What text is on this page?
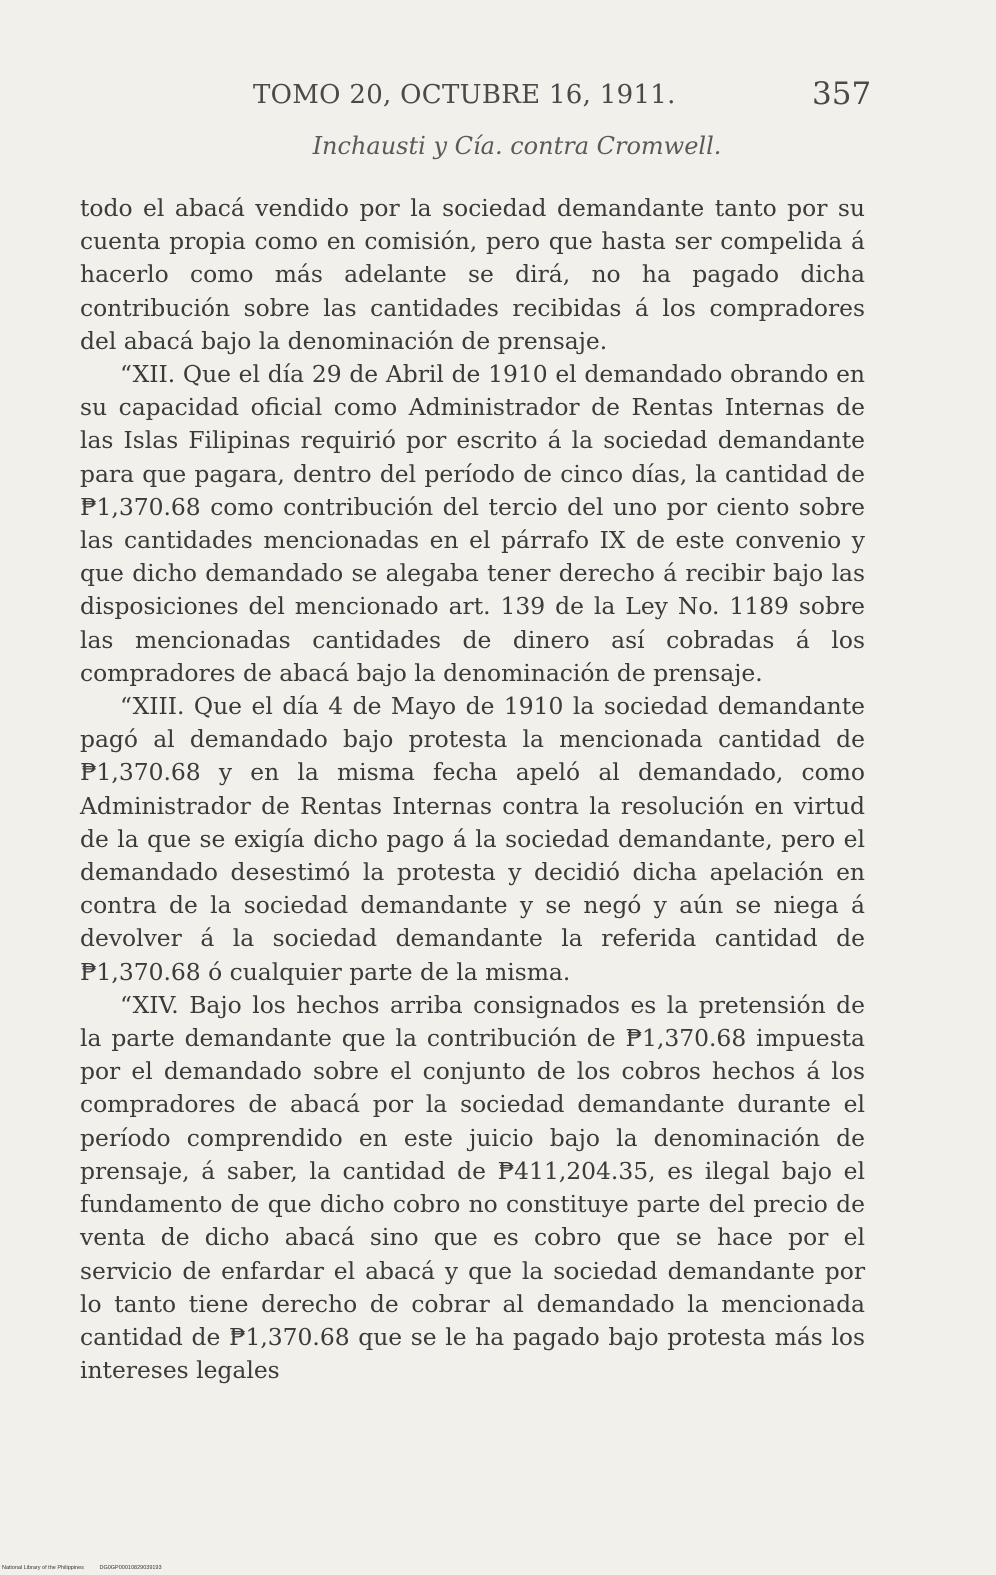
TOMO 20, OCTUBRE 16, 1911.	357
Inchausti y Cía. contra Cromwell.

todo el abacá vendido por la sociedad demandante tanto por su cuenta propia como en comisión, pero que hasta ser compelida á hacerlo como más adelante se dirá, no ha pagado dicha contribución sobre las cantidades recibidas á los compradores del abacá bajo la denominación de prensaje.

“XII. Que el día 29 de Abril de 1910 el demandado obrando en su capacidad oficial como Administrador de Rentas Internas de las Islas Filipinas requirió por escrito á la sociedad demandante para que pagara, dentro del período de cinco días, la cantidad de ₱1,370.68 como contribución del tercio del uno por ciento sobre las cantidades mencionadas en el párrafo IX de este convenio y que dicho demandado se alegaba tener derecho á recibir bajo las disposiciones del mencionado art. 139 de la Ley No. 1189 sobre las mencionadas cantidades de dinero así cobradas á los compradores de abacá bajo la denominación de prensaje.

“XIII. Que el día 4 de Mayo de 1910 la sociedad demandante pagó al demandado bajo protesta la mencionada cantidad de ₱1,370.68 y en la misma fecha apeló al demandado, como Administrador de Rentas Internas contra la resolución en virtud de la que se exigía dicho pago á la sociedad demandante, pero el demandado desestimó la protesta y decidió dicha apelación en contra de la sociedad demandante y se negó y aún se niega á devolver á la sociedad demandante la referida cantidad de ₱1,370.68 ó cualquier parte de la misma.

“XIV. Bajo los hechos arriba consignados es la pretensión de la parte demandante que la contribución de ₱1,370.68 impuesta por el demandado sobre el conjunto de los cobros hechos á los compradores de abacá por la sociedad demandante durante el período comprendido en este juicio bajo la denominación de prensaje, á saber, la cantidad de ₱411,204.35, es ilegal bajo el fundamento de que dicho cobro no constituye parte del precio de venta de dicho abacá sino que es cobro que se hace por el servicio de enfardar el abacá y que la sociedad demandante por lo tanto tiene derecho de cobrar al demandado la mencionada cantidad de ₱1,370.68 que se le ha pagado bajo protesta más los intereses legales

National Library of the Philippines	DG0GP00010829039193
